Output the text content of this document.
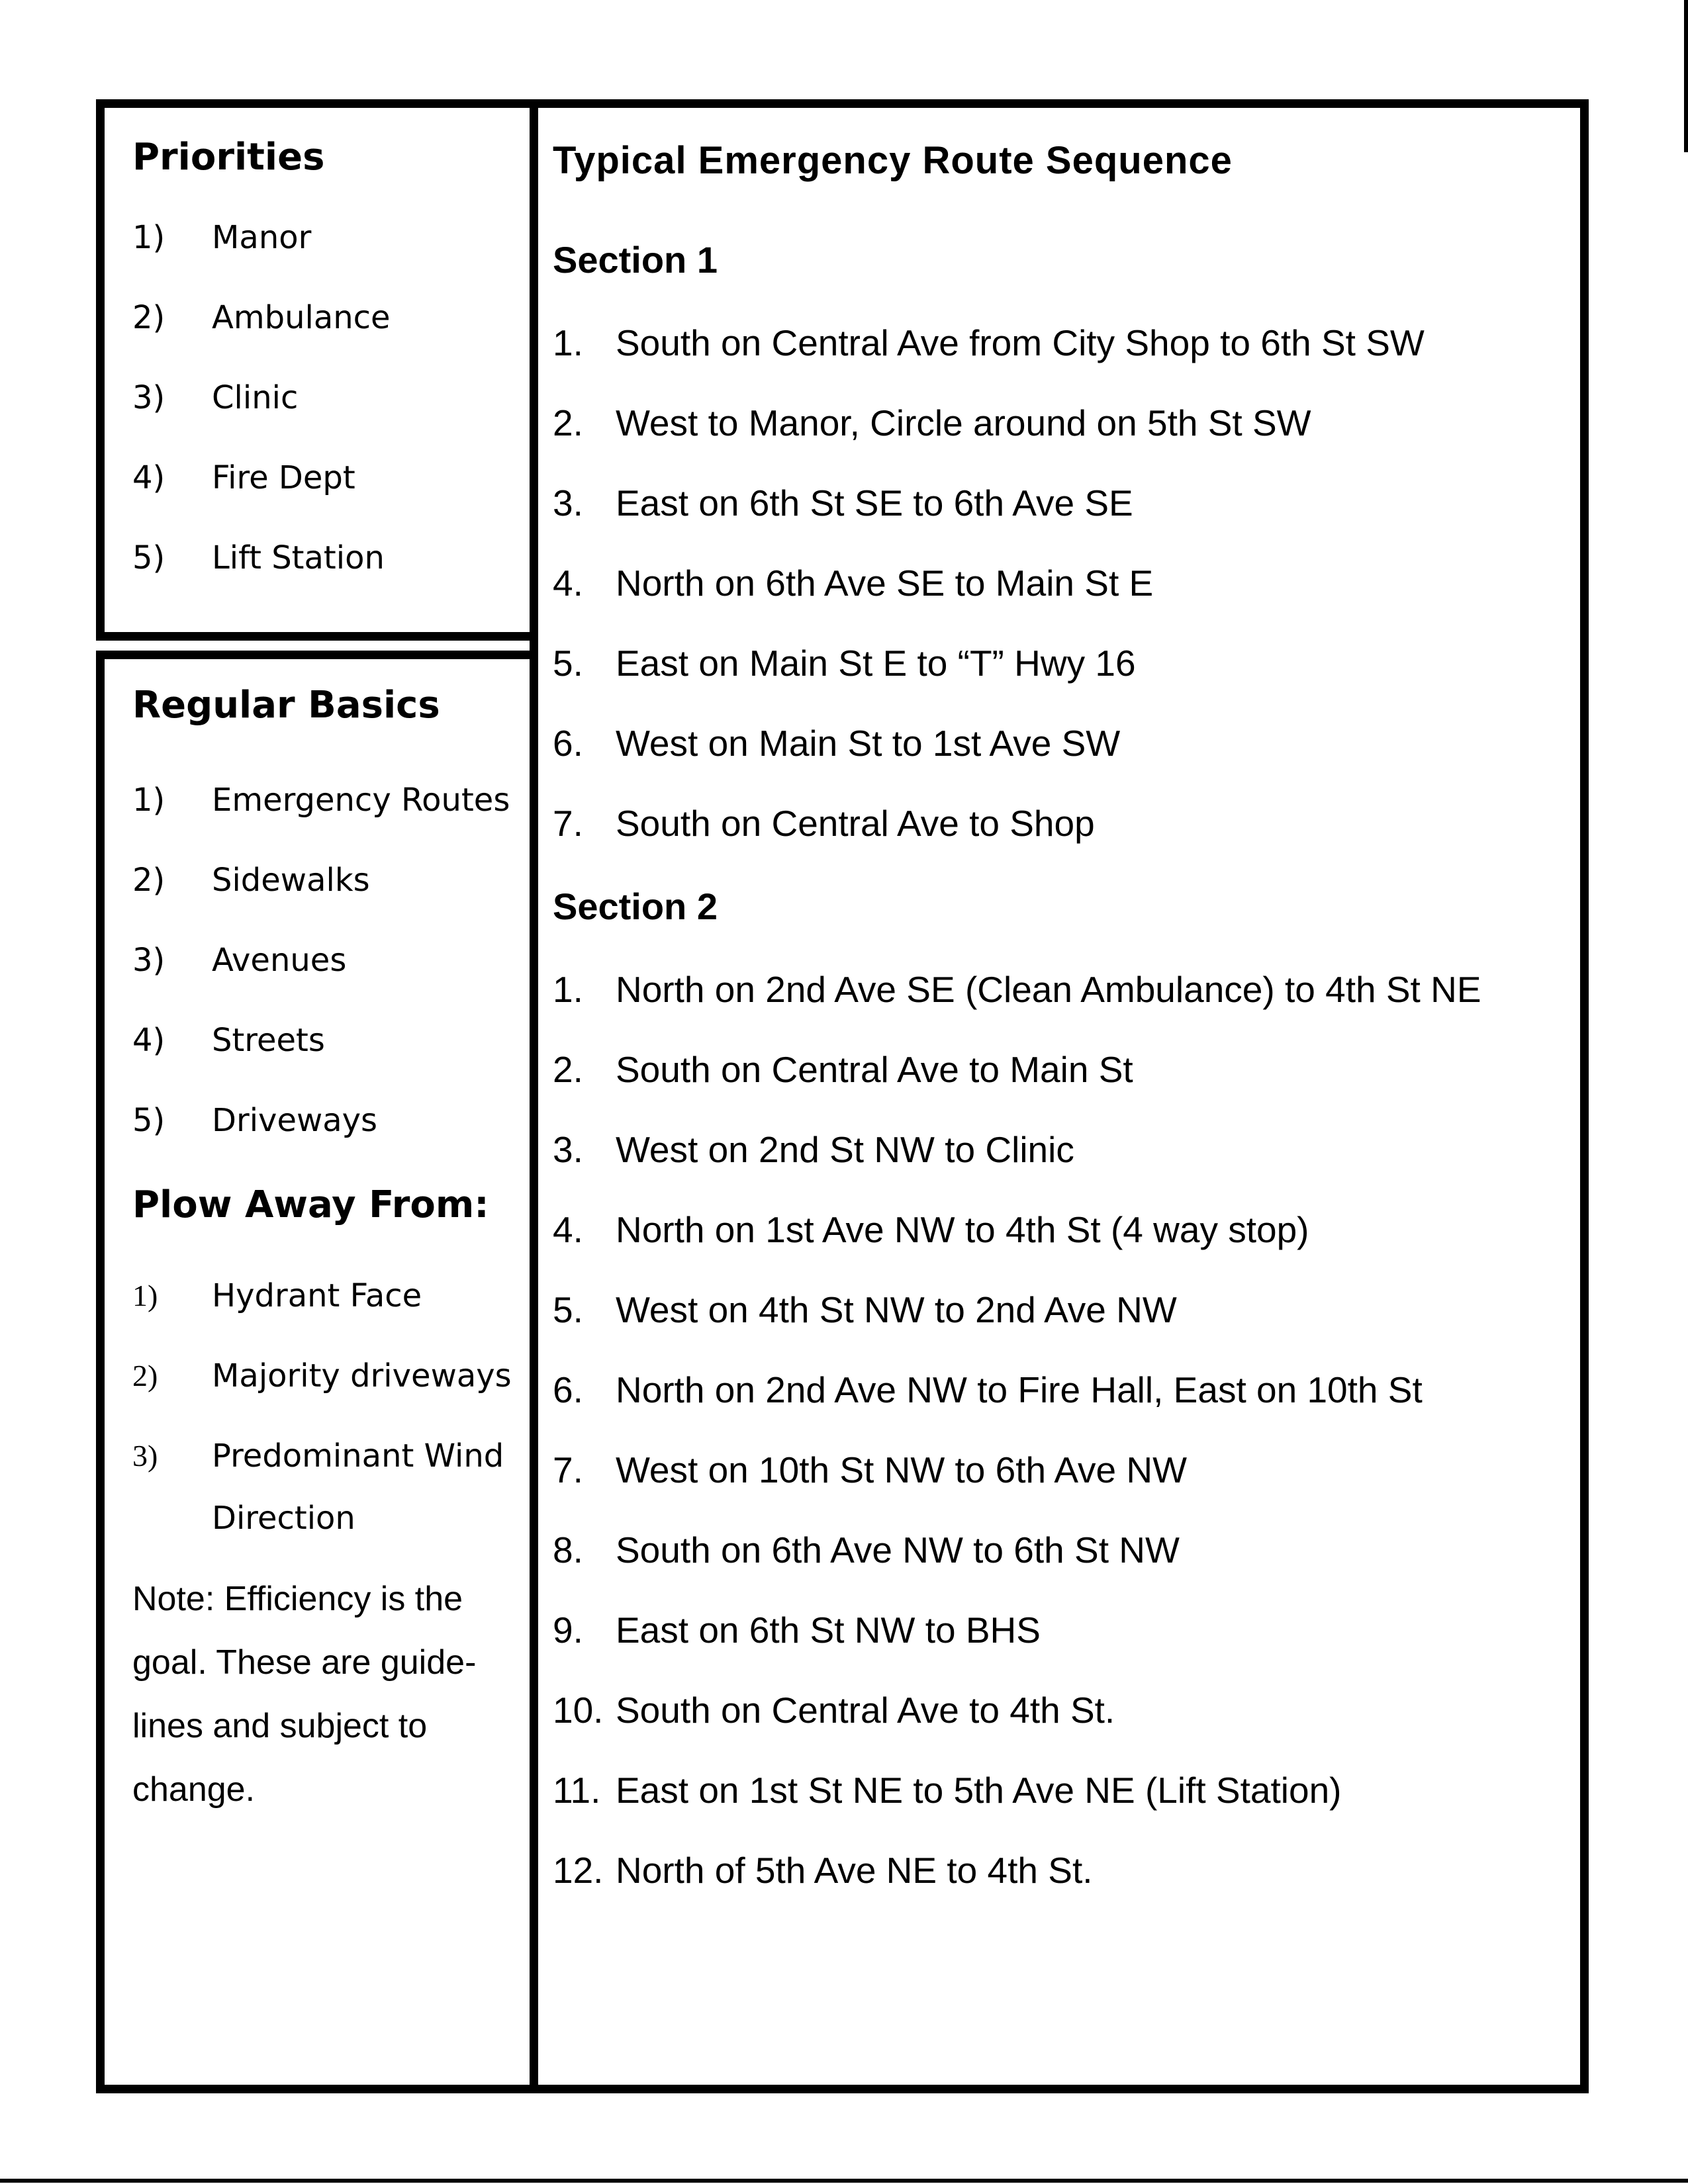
Priorities
1)	Manor
2)	Ambulance
3)	Clinic
4)	Fire Dept
5)	Lift Station
Regular Basics
1)	Emergency Routes
2)	Sidewalks
3)	Avenues
4)	Streets
5)	Driveways
Plow Away From:
1)	Hydrant Face
2)	Majority driveways
3)	Predominant Wind Direction
Note: Efficiency is the
goal. These are guide-
lines and subject to
change.
Typical Emergency Route Sequence
Section 1
1. South on Central Ave from City Shop to 6th St SW
2. West to Manor, Circle around on 5th St SW
3. East on 6th St SE to 6th Ave SE
4. North on 6th Ave SE to Main St E
5. East on Main St E to “T” Hwy 16
6. West on Main St to 1st Ave SW
7. South on Central Ave to Shop
Section 2
1. North on 2nd Ave SE (Clean Ambulance) to 4th St NE
2. South on Central Ave to Main St
3. West on 2nd St NW to Clinic
4. North on 1st Ave NW to 4th St (4 way stop)
5. West on 4th St NW to 2nd Ave NW
6. North on 2nd Ave NW to Fire Hall, East on 10th St
7. West on 10th St NW to 6th Ave NW
8. South on 6th Ave NW to 6th St NW
9. East on 6th St NW to BHS
10. South on Central Ave to 4th St.
11. East on 1st St NE to 5th Ave NE (Lift Station)
12. North of 5th Ave NE to 4th St.
